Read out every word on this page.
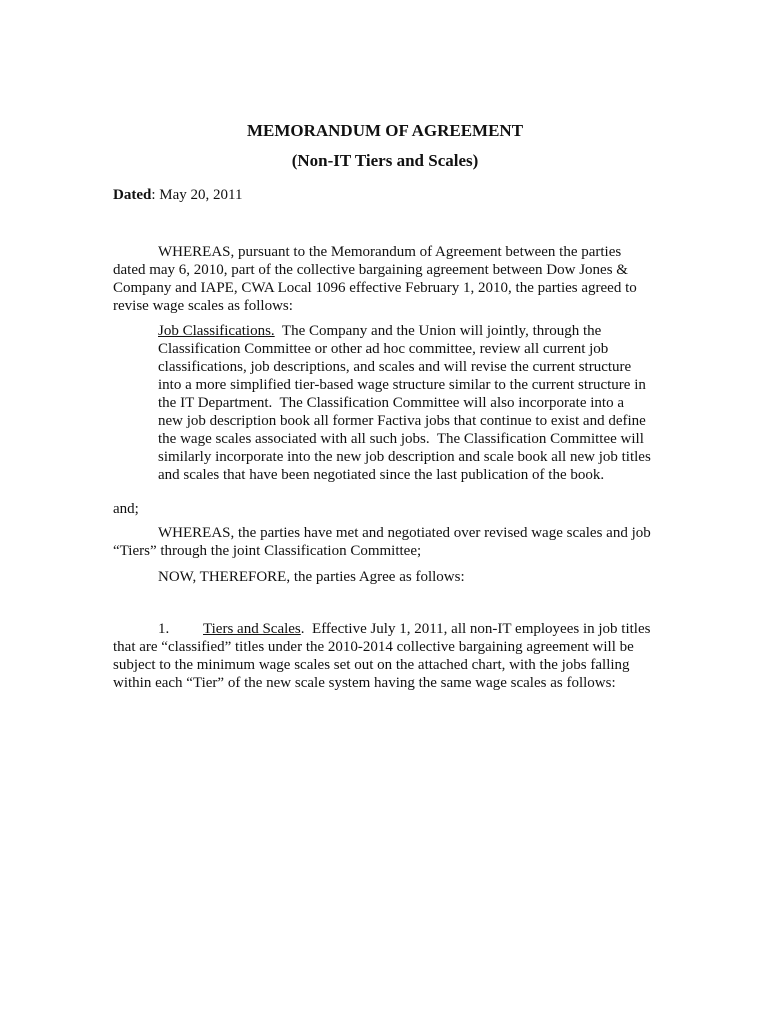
MEMORANDUM OF AGREEMENT
(Non-IT Tiers and Scales)
Dated: May 20, 2011
WHEREAS, pursuant to the Memorandum of Agreement between the parties
dated may 6, 2010, part of the collective bargaining agreement between Dow Jones &
Company and IAPE, CWA Local 1096 effective February 1, 2010, the parties agreed to
revise wage scales as follows:
Job Classifications.  The Company and the Union will jointly, through the
Classification Committee or other ad hoc committee, review all current job
classifications, job descriptions, and scales and will revise the current structure
into a more simplified tier-based wage structure similar to the current structure in
the IT Department.  The Classification Committee will also incorporate into a
new job description book all former Factiva jobs that continue to exist and define
the wage scales associated with all such jobs.  The Classification Committee will
similarly incorporate into the new job description and scale book all new job titles
and scales that have been negotiated since the last publication of the book.
and;
WHEREAS, the parties have met and negotiated over revised wage scales and job
“Tiers” through the joint Classification Committee;
NOW, THEREFORE, the parties Agree as follows:
1. Tiers and Scales.  Effective July 1, 2011, all non-IT employees in job titles
that are “classified” titles under the 2010-2014 collective bargaining agreement will be
subject to the minimum wage scales set out on the attached chart, with the jobs falling
within each “Tier” of the new scale system having the same wage scales as follows:
